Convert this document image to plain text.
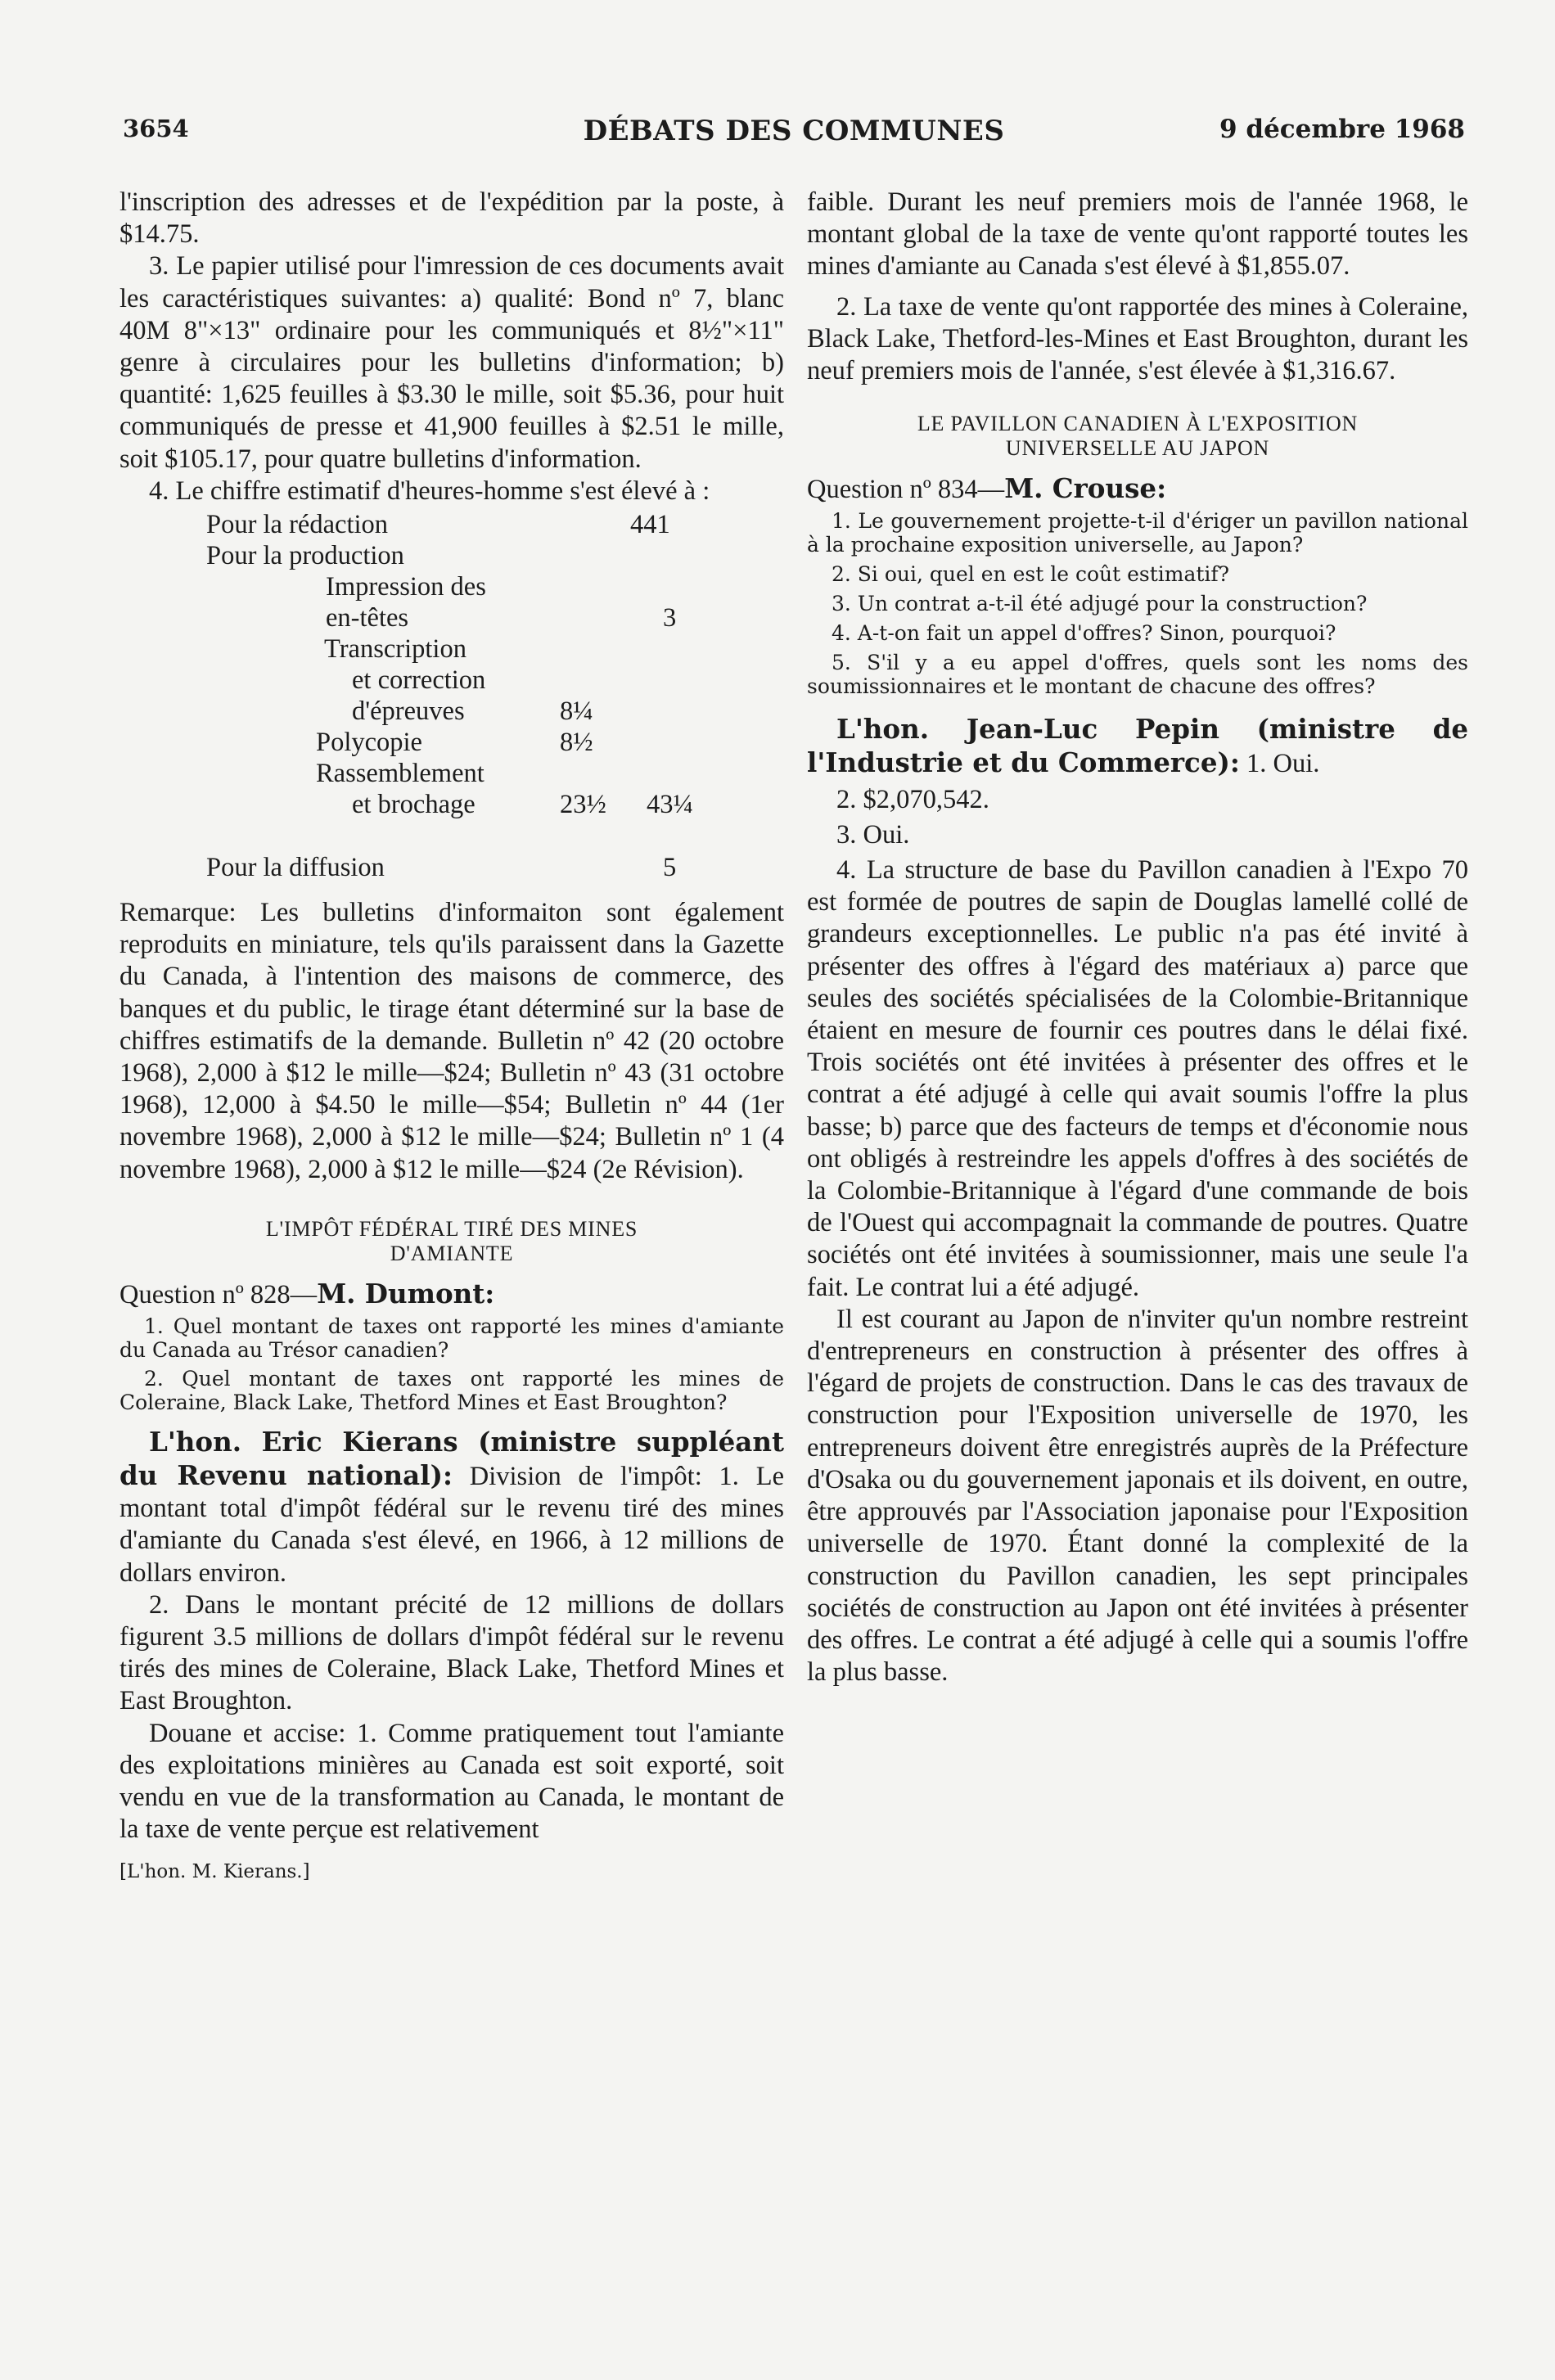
3654	DÉBATS DES COMMUNES	9 décembre 1968

l'inscription des adresses et de l'expédition par la poste, à $14.75.

3. Le papier utilisé pour l'imression de ces documents avait les caractéristiques suivantes: a) qualité: Bond nº 7, blanc 40M 8"×13" ordinaire pour les communiqués et 8½"×11" genre à circulaires pour les bulletins d'information; b) quantité: 1,625 feuilles à $3.30 le mille, soit $5.36, pour huit communiqués de presse et 41,900 feuilles à $2.51 le mille, soit $105.17, pour quatre bulletins d'information.

4. Le chiffre estimatif d'heures-homme s'est élevé à :

Pour la rédaction	441
Pour la production
Impression des
en-têtes	3
Transcription
et correction
d'épreuves	8¼
Polycopie	8½
Rassemblement
et brochage	23½ 43¼
Pour la diffusion	5

Remarque: Les bulletins d'informaiton sont également reproduits en miniature, tels qu'ils paraissent dans la Gazette du Canada, à l'intention des maisons de commerce, des banques et du public, le tirage étant déterminé sur la base de chiffres estimatifs de la demande. Bulletin nº 42 (20 octobre 1968), 2,000 à $12 le mille—$24; Bulletin nº 43 (31 octobre 1968), 12,000 à $4.50 le mille—$54; Bulletin nº 44 (1er novembre 1968), 2,000 à $12 le mille—$24; Bulletin nº 1 (4 novembre 1968), 2,000 à $12 le mille—$24 (2e Révision).

L'IMPÔT FÉDÉRAL TIRÉ DES MINES

D'AMIANTE

Question nº 828—M. Dumont:

1. Quel montant de taxes ont rapporté les mines d'amiante du Canada au Trésor canadien?

2. Quel montant de taxes ont rapporté les mines de Coleraine, Black Lake, Thetford Mines et East Broughton?

L'hon. Eric Kierans (ministre suppléant du Revenu national): Division de l'impôt: 1. Le montant total d'impôt fédéral sur le revenu tiré des mines d'amiante du Canada s'est élevé, en 1966, à 12 millions de dollars environ.

2. Dans le montant précité de 12 millions de dollars figurent 3.5 millions de dollars d'impôt fédéral sur le revenu tirés des mines de Coleraine, Black Lake, Thetford Mines et East Broughton.

Douane et accise: 1. Comme pratiquement tout l'amiante des exploitations minières au Canada est soit exporté, soit vendu en vue de la transformation au Canada, le montant de la taxe de vente perçue est relativement

[L'hon. M. Kierans.]

faible. Durant les neuf premiers mois de l'année 1968, le montant global de la taxe de vente qu'ont rapporté toutes les mines d'amiante au Canada s'est élevé à $1,855.07.

2. La taxe de vente qu'ont rapportée des mines à Coleraine, Black Lake, Thetford-les-Mines et East Broughton, durant les neuf premiers mois de l'année, s'est élevée à $1,316.67.

LE PAVILLON CANADIEN À L'EXPOSITION

UNIVERSELLE AU JAPON

Question nº 834—M. Crouse:

1. Le gouvernement projette-t-il d'ériger un pavillon national à la prochaine exposition universelle, au Japon?

2. Si oui, quel en est le coût estimatif?

3. Un contrat a-t-il été adjugé pour la construction?

4. A-t-on fait un appel d'offres? Sinon, pourquoi?

5. S'il y a eu appel d'offres, quels sont les noms des soumissionnaires et le montant de chacune des offres?

L'hon. Jean-Luc Pepin (ministre de l'Industrie et du Commerce): 1. Oui.

2. $2,070,542.

3. Oui.

4. La structure de base du Pavillon canadien à l'Expo 70 est formée de poutres de sapin de Douglas lamellé collé de grandeurs exceptionnelles. Le public n'a pas été invité à présenter des offres à l'égard des matériaux a) parce que seules des sociétés spécialisées de la Colombie-Britannique étaient en mesure de fournir ces poutres dans le délai fixé. Trois sociétés ont été invitées à présenter des offres et le contrat a été adjugé à celle qui avait soumis l'offre la plus basse; b) parce que des facteurs de temps et d'économie nous ont obligés à restreindre les appels d'offres à des sociétés de la Colombie-Britannique à l'égard d'une commande de bois de l'Ouest qui accompagnait la commande de poutres. Quatre sociétés ont été invitées à soumissionner, mais une seule l'a fait. Le contrat lui a été adjugé.

Il est courant au Japon de n'inviter qu'un nombre restreint d'entrepreneurs en construction à présenter des offres à l'égard de projets de construction. Dans le cas des travaux de construction pour l'Exposition universelle de 1970, les entrepreneurs doivent être enregistrés auprès de la Préfecture d'Osaka ou du gouvernement japonais et ils doivent, en outre, être approuvés par l'Association japonaise pour l'Exposition universelle de 1970. Étant donné la complexité de la construction du Pavillon canadien, les sept principales sociétés de construction au Japon ont été invitées à présenter des offres. Le contrat a été adjugé à celle qui a soumis l'offre la plus basse.
